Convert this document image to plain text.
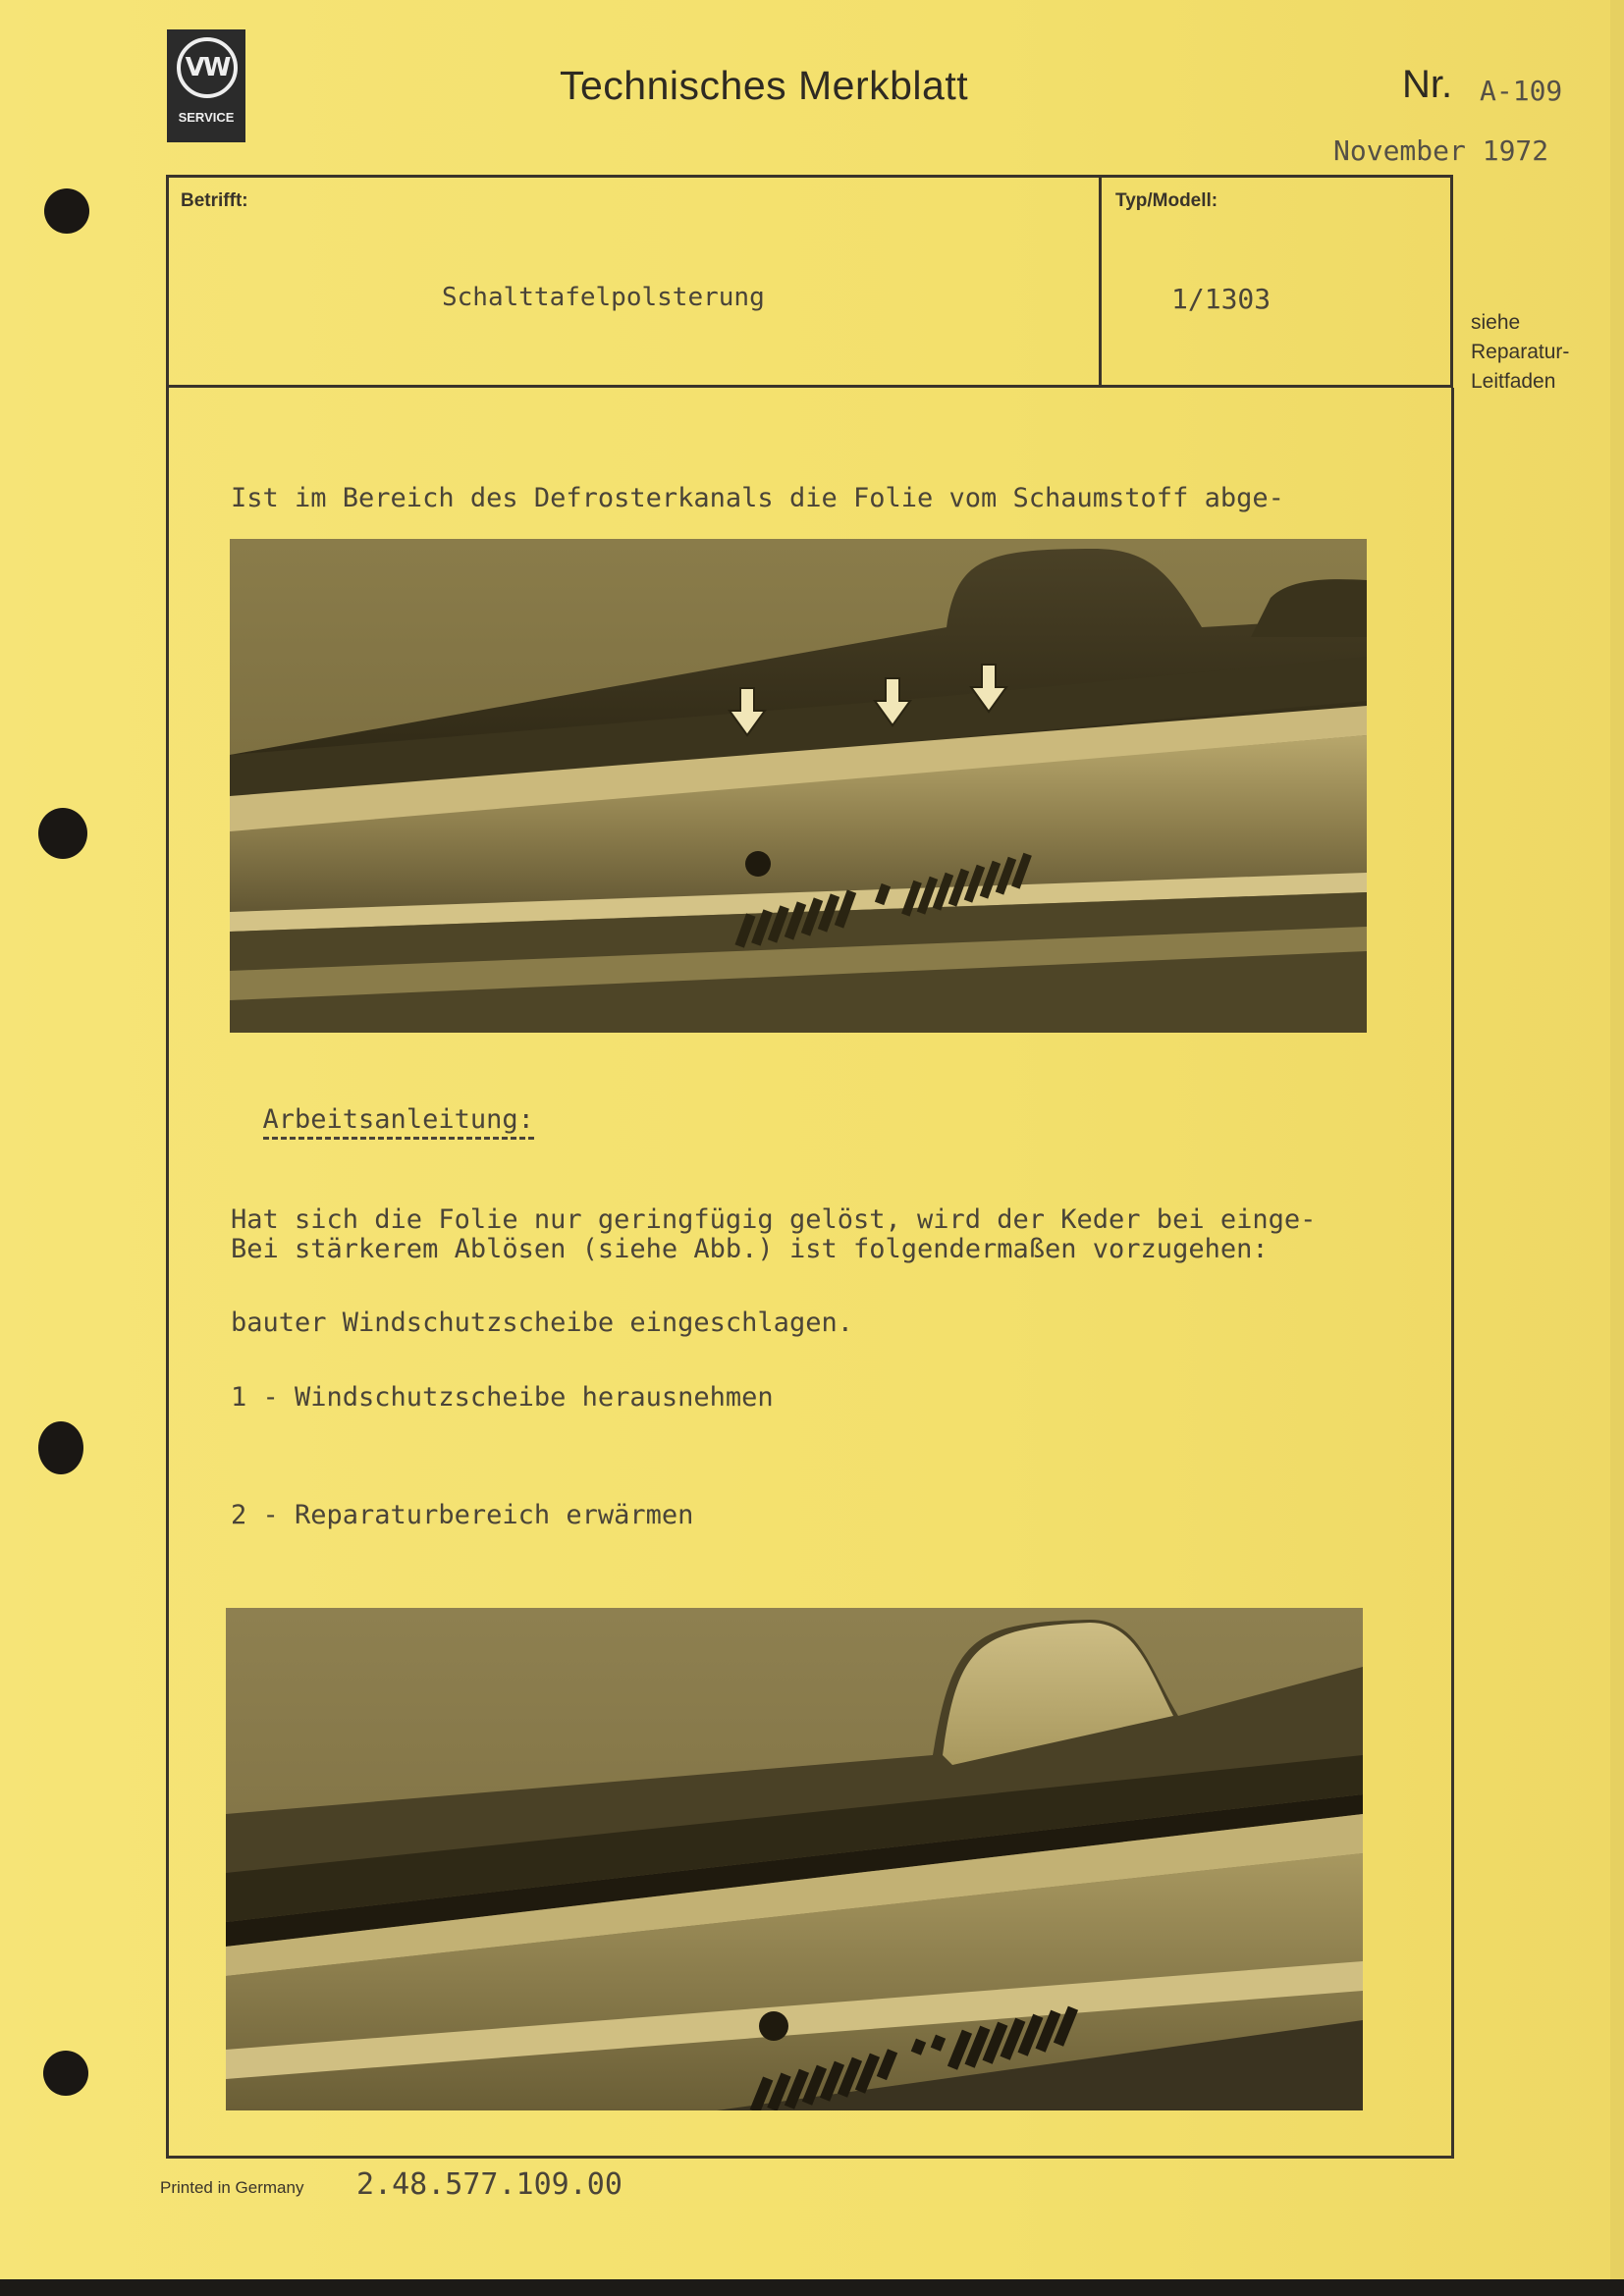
VW
SERVICE
Technisches Merkblatt	Nr. A-109
November 1972
Betrifft:	Typ/Modell:
Schalttafelpolsterung	1/1303
siehe
Reparatur-
Leitfaden

Ist im Bereich des Defrosterkanals die Folie vom Schaumstoff abge-

Arbeitsanleitung:

Hat sich die Folie nur geringfügig gelöst, wird der Keder bei einge-

bauter Windschutzscheibe eingeschlagen.

Bei stärkerem Ablösen (siehe Abb.) ist folgendermaßen vorzugehen:

1 - Windschutzscheibe herausnehmen

2 - Reparaturbereich erwärmen

Printed in Germany 2.48.577.109.00
